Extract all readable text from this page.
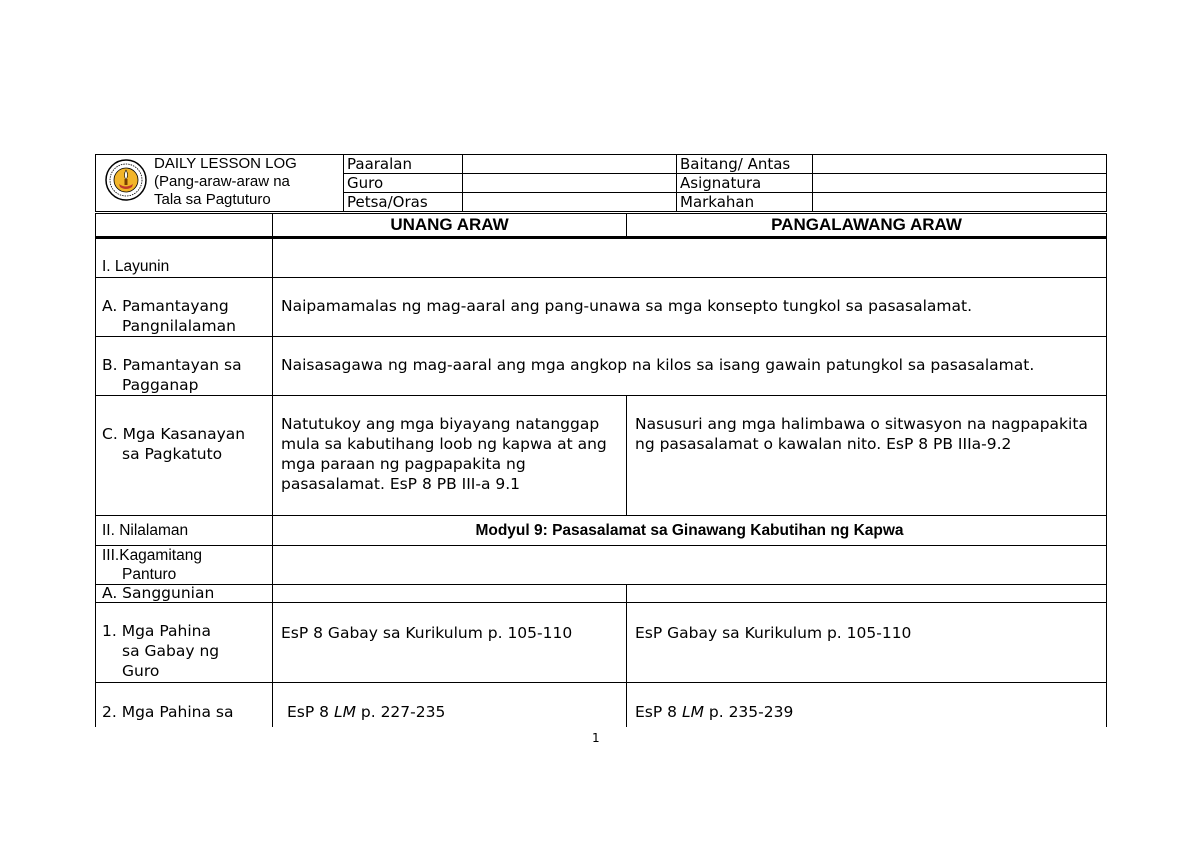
DAILY LESSON LOG
(Pang-araw-araw na
Tala sa Pagtuturo	Paaralan		Baitang/ Antas	
	Guro		Asignatura	
	Petsa/Oras		Markahan	
	UNANG ARAW	PANGALAWANG ARAW
I. Layunin		
A. Pamantayang
Pangnilalaman	Naipamamalas ng mag-aaral ang pang-unawa sa mga konsepto tungkol sa pasasalamat.	
B. Pamantayan sa
Pagganap	Naisasagawa ng mag-aaral ang mga angkop na kilos sa isang gawain patungkol sa pasasalamat.	
C. Mga Kasanayan
sa Pagkatuto	Natutukoy ang mga biyayang natanggap mula sa kabutihang loob ng kapwa at ang mga paraan ng pagpapakita ng pasasalamat. EsP 8 PB III-a 9.1	Nasusuri ang mga halimbawa o sitwasyon na nagpapakita ng pasasalamat o kawalan nito. EsP 8 PB IIIa-9.2
II. Nilalaman	Modyul 9: Pasasalamat sa Ginawang Kabutihan ng Kapwa	
III.Kagamitang
Panturo		

A. Sanggunian		
1. Mga Pahina
sa Gabay ng
Guro	EsP 8 Gabay sa Kurikulum p. 105-110	EsP Gabay sa Kurikulum p. 105-110
2. Mga Pahina sa	EsP 8 LM p. 227-235	EsP 8 LM p. 235-239
1
